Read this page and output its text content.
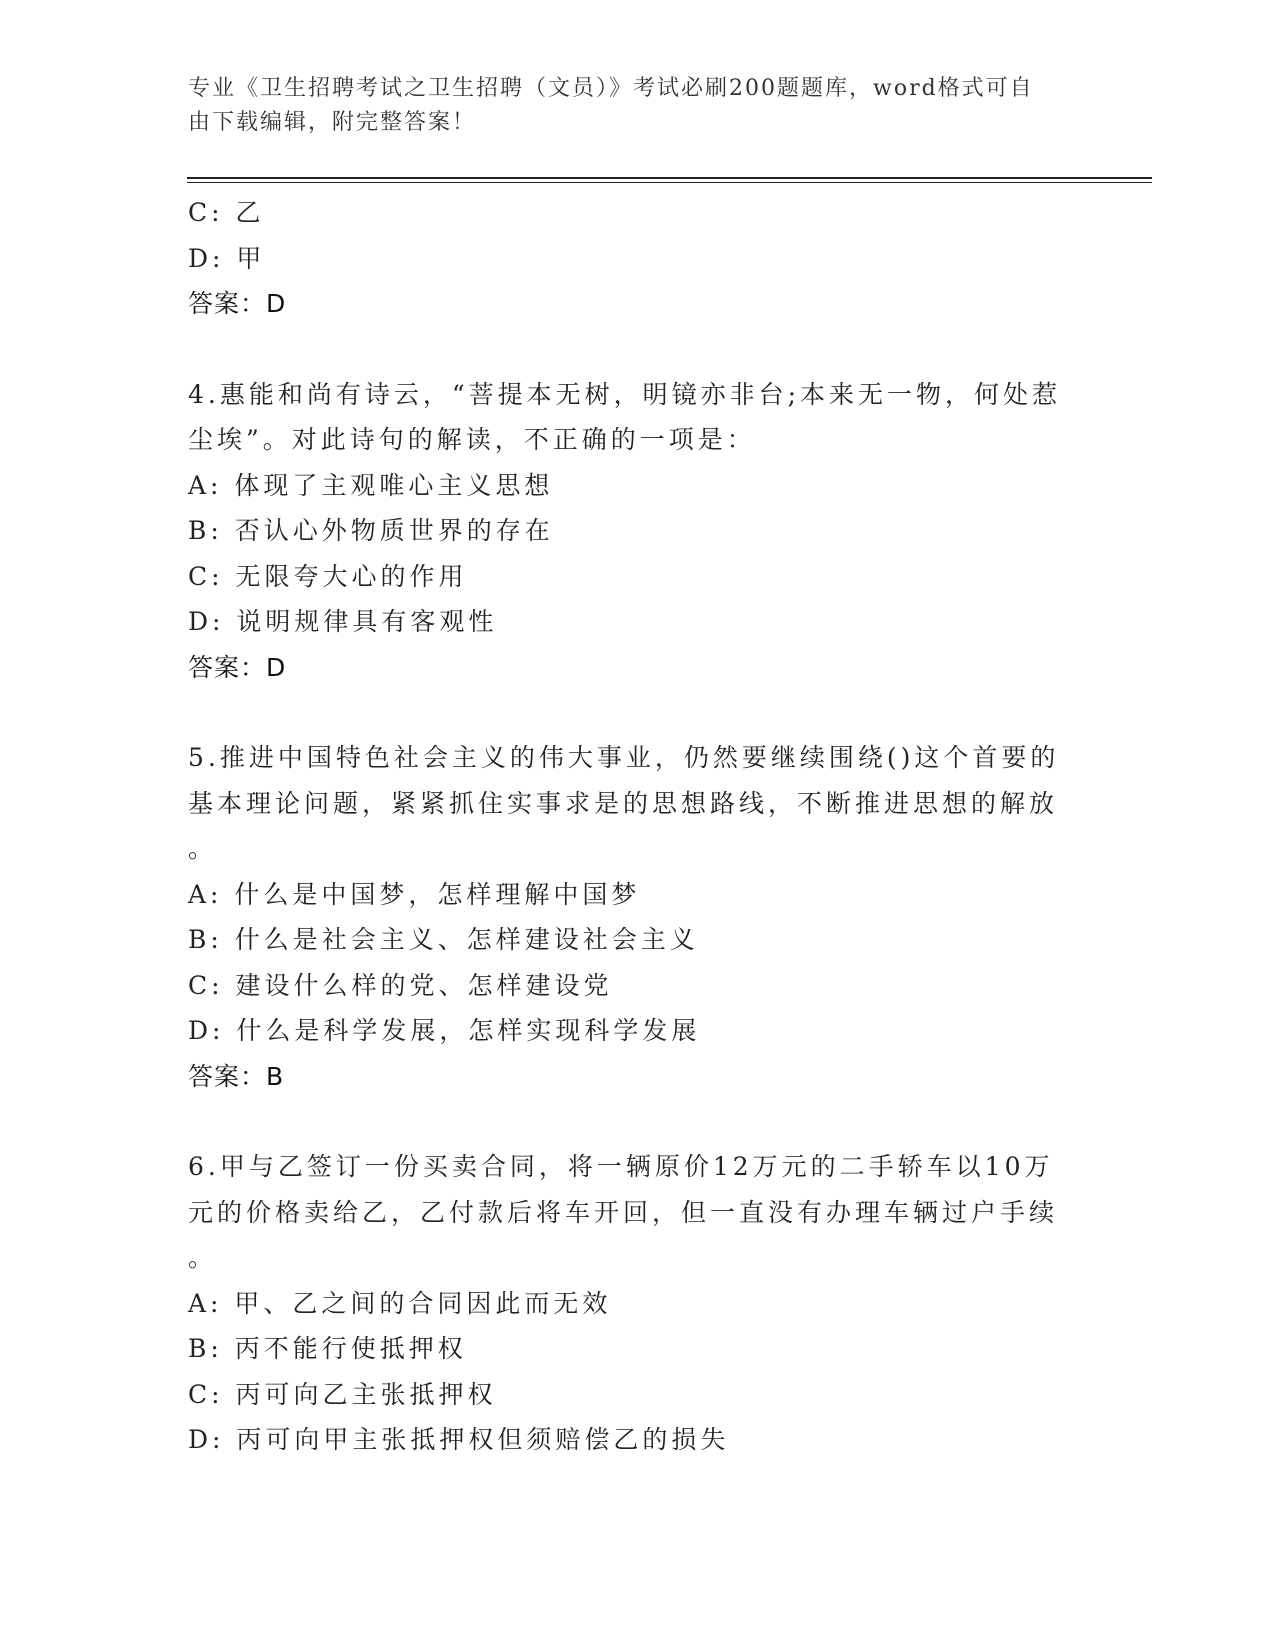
专业《卫生招聘考试之卫生招聘（文员）》考试必刷200题题库，word格式可自
由下载编辑，附完整答案！
C: 乙
D: 甲
答案：D
4.惠能和尚有诗云，“菩提本无树，明镜亦非台;本来无一物，何处惹
尘埃”。对此诗句的解读，不正确的一项是：
A: 体现了主观唯心主义思想
B: 否认心外物质世界的存在
C: 无限夸大心的作用
D: 说明规律具有客观性
答案：D
5.推进中国特色社会主义的伟大事业，仍然要继续围绕()这个首要的
基本理论问题，紧紧抓住实事求是的思想路线，不断推进思想的解放
。
A: 什么是中国梦，怎样理解中国梦
B: 什么是社会主义、怎样建设社会主义
C: 建设什么样的党、怎样建设党
D: 什么是科学发展，怎样实现科学发展
答案：B
6.甲与乙签订一份买卖合同，将一辆原价12万元的二手轿车以10万
元的价格卖给乙，乙付款后将车开回，但一直没有办理车辆过户手续
。
A: 甲、乙之间的合同因此而无效
B: 丙不能行使抵押权
C: 丙可向乙主张抵押权
D: 丙可向甲主张抵押权但须赔偿乙的损失
